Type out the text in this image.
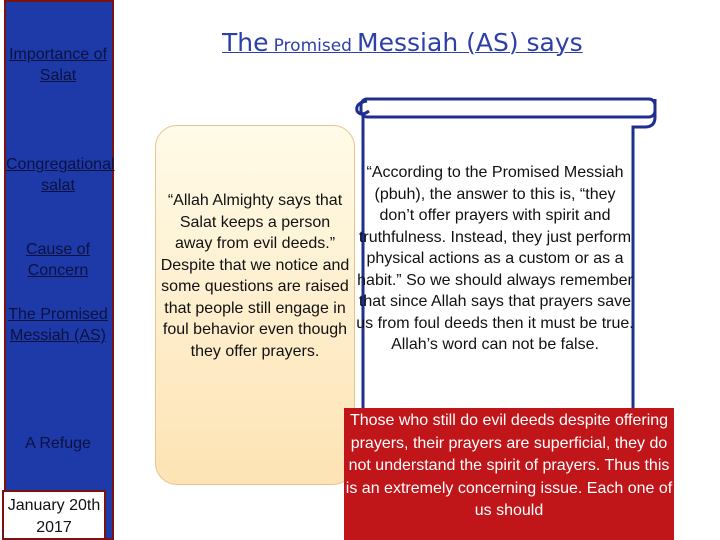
Importance of Salat
Congregational salat
Cause of Concern
The Promised Messiah (AS)
A Refuge
January 20th 2017
The Promised Messiah (AS) says
“Allah Almighty says that Salat keeps a person away from evil deeds.” Despite that we notice and some questions are raised that people still engage in foul behavior even though they offer prayers.
“According to the Promised Messiah (pbuh), the answer to this is, “they don’t offer prayers with spirit and truthfulness. Instead, they just perform physical actions as a custom or as a habit.” So we should always remember that since Allah says that prayers save us from foul deeds then it must be true. Allah’s word can not be false.
Those who still do evil deeds despite offering prayers, their prayers are superficial, they do not understand the spirit of prayers. Thus this is an extremely concerning issue. Each one of us should
